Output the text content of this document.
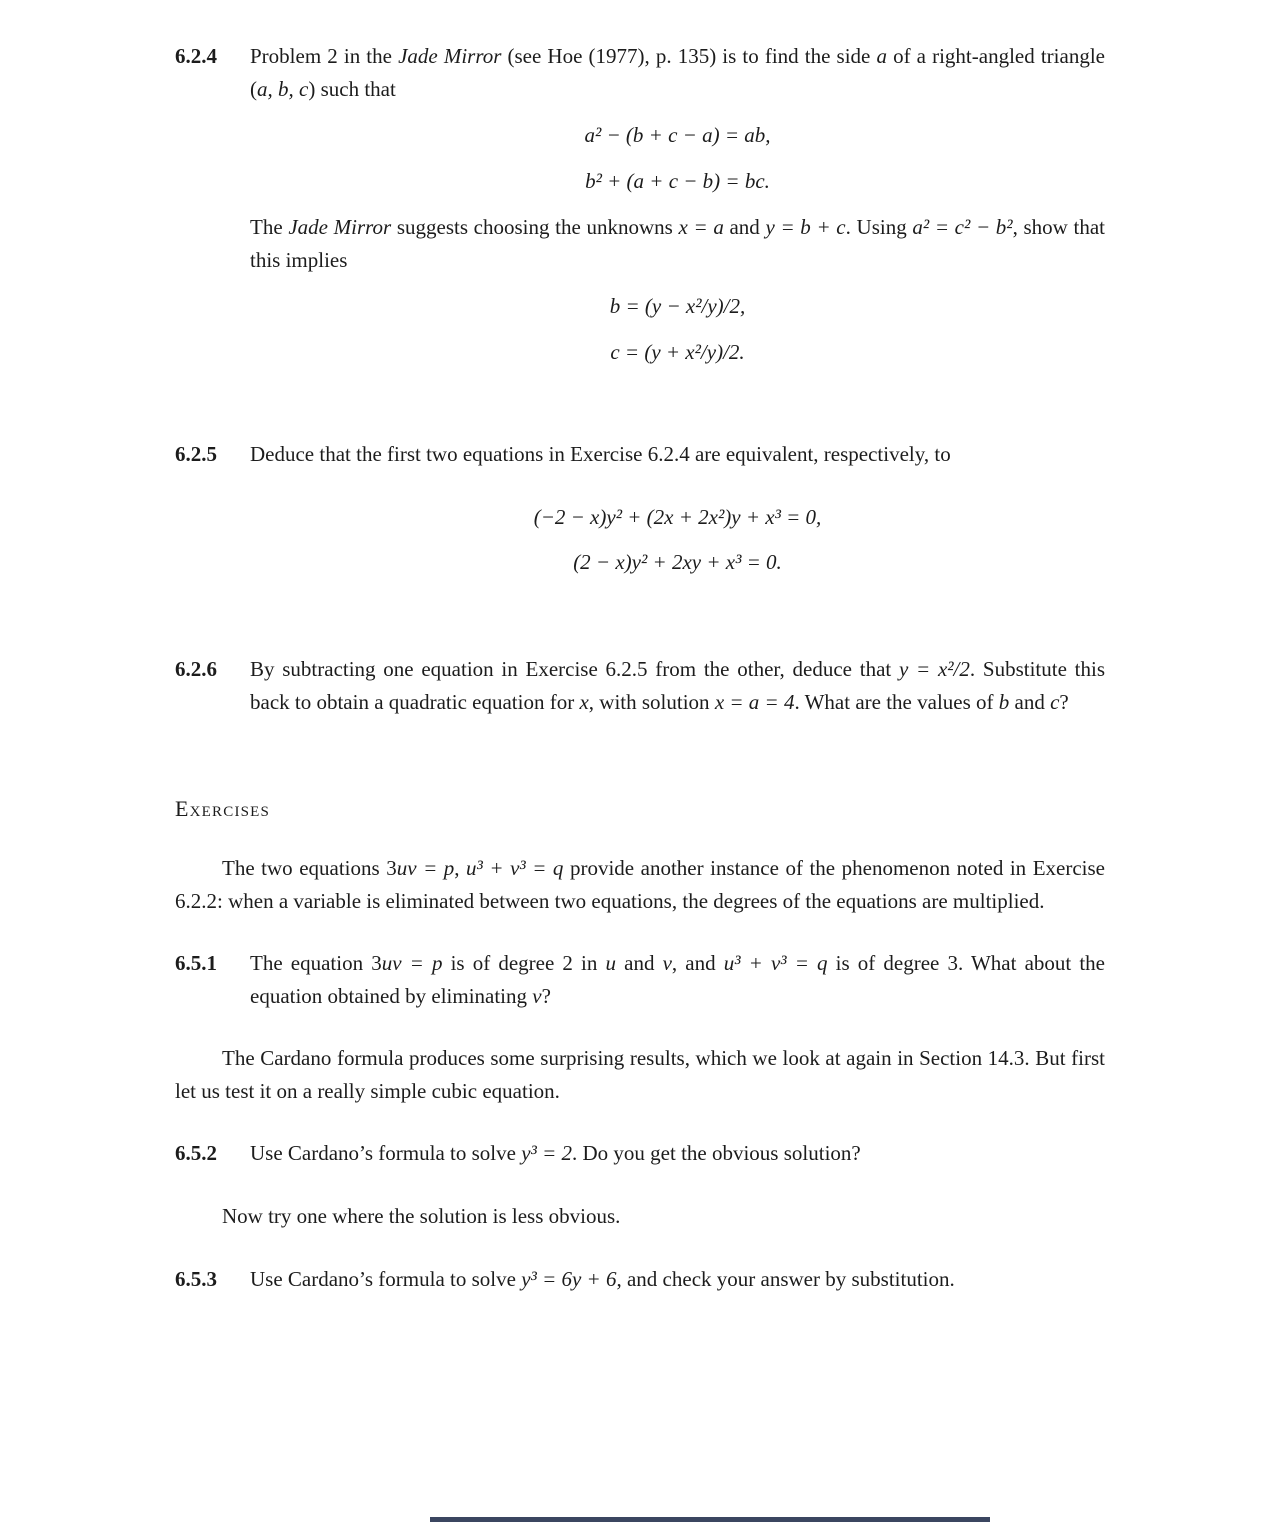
6.2.4	Problem 2 in the Jade Mirror (see Hoe (1977), p. 135) is to find the side a of a right-angled triangle (a, b, c) such that

a² − (b + c − a) = ab,
b² + (a + c − b) = bc.

The Jade Mirror suggests choosing the unknowns x = a and y = b + c. Using a² = c² − b², show that this implies

b = (y − x²/y)/2,
c = (y + x²/y)/2.
6.2.5	Deduce that the first two equations in Exercise 6.2.4 are equivalent, respectively, to

(−2 − x)y² + (2x + 2x²)y + x³ = 0,
(2 − x)y² + 2xy + x³ = 0.
6.2.6	By subtracting one equation in Exercise 6.2.5 from the other, deduce that y = x²/2. Substitute this back to obtain a quadratic equation for x, with solution x = a = 4. What are the values of b and c?

Exercises

The two equations 3uv = p, u³ + v³ = q provide another instance of the phenomenon noted in Exercise 6.2.2: when a variable is eliminated between two equations, the degrees of the equations are multiplied.

6.5.1	The equation 3uv = p is of degree 2 in u and v, and u³ + v³ = q is of degree 3. What about the equation obtained by eliminating v?

The Cardano formula produces some surprising results, which we look at again in Section 14.3. But first let us test it on a really simple cubic equation.

6.5.2	Use Cardano’s formula to solve y³ = 2. Do you get the obvious solution?

Now try one where the solution is less obvious.

6.5.3	Use Cardano’s formula to solve y³ = 6y + 6, and check your answer by substitution.
